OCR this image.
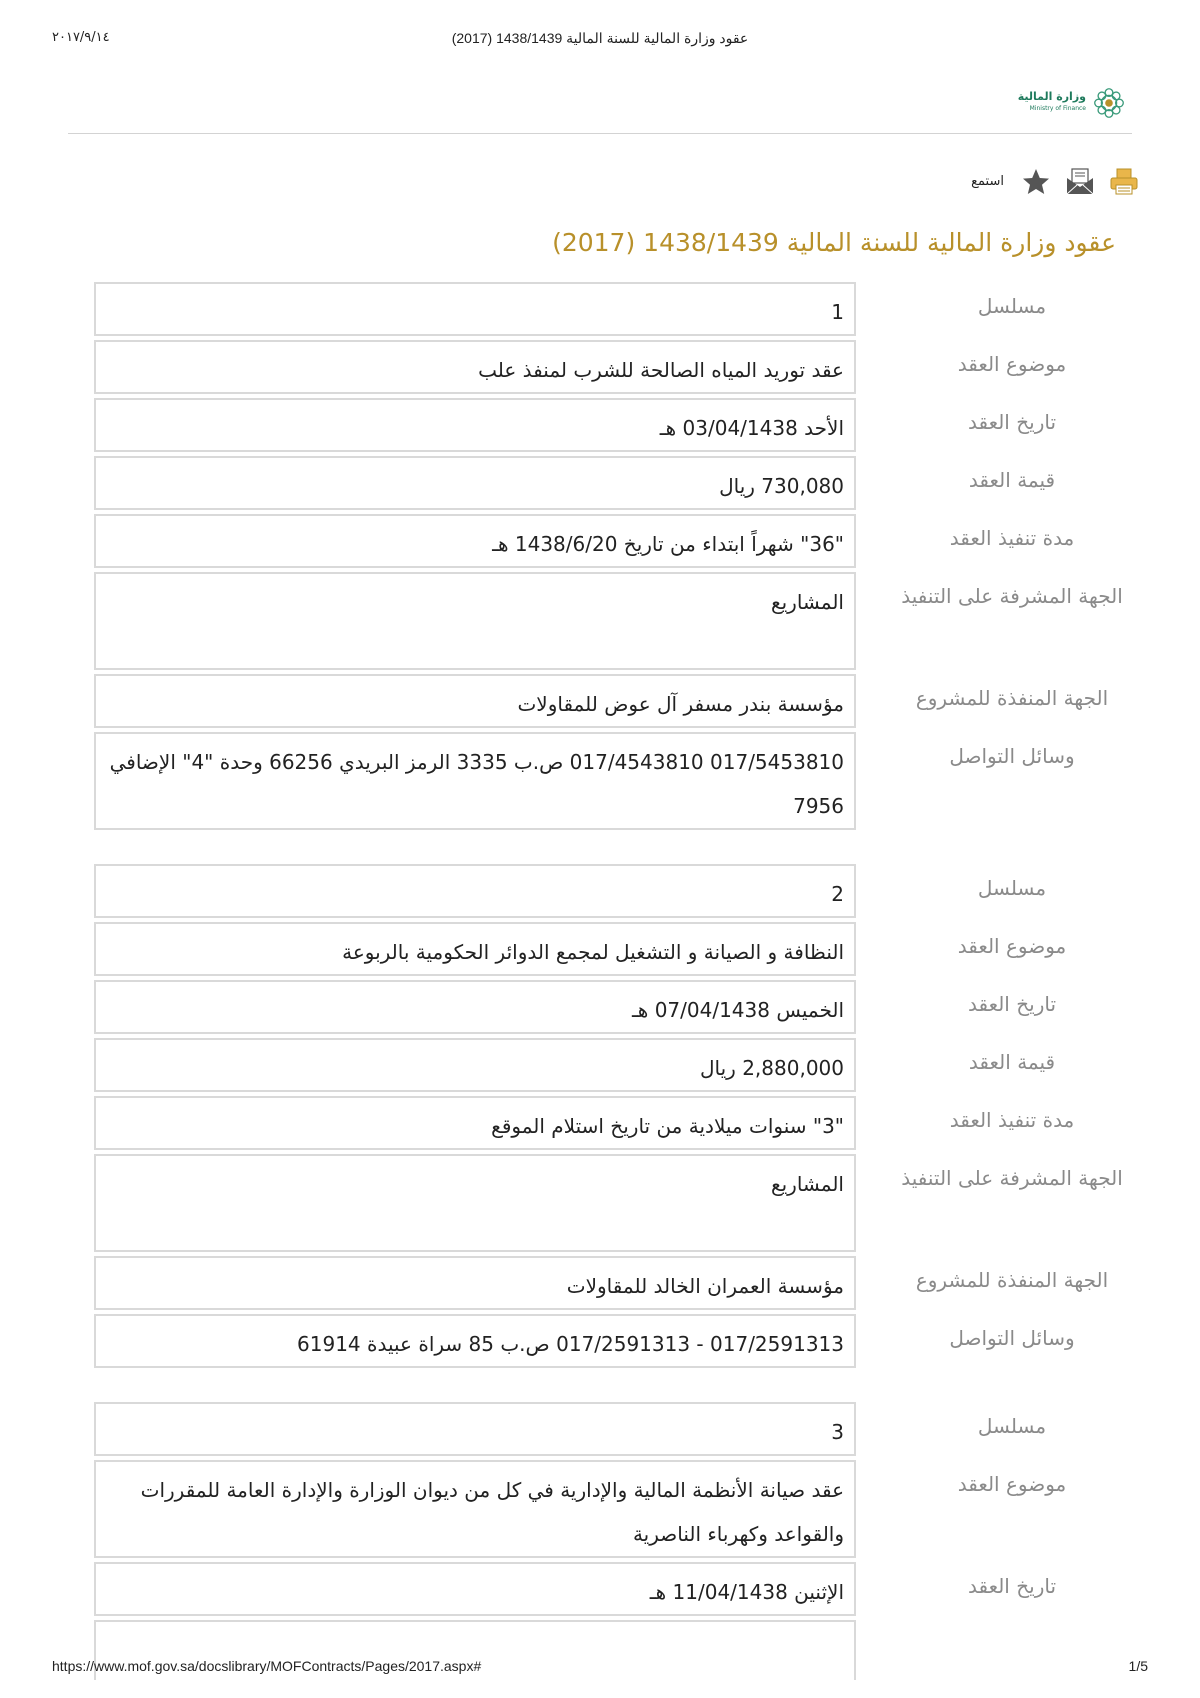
٢٠١٧/٩/١٤	(عقود وزارة المالية للسنة المالية 1438/1439 (2017
وزارة المالية
Ministry of Finance
استمع
عقود وزارة المالية للسنة المالية 1438/1439 (2017)
مسلسل
1
موضوع العقد
عقد توريد المياه الصالحة للشرب لمنفذ علب
تاريخ العقد
الأحد 03/04/1438 هـ
قيمة العقد
730,080 ريال
مدة تنفيذ العقد
"36" شهراً ابتداء من تاريخ 1438/6/20 هـ
الجهة المشرفة على التنفيذ
المشاريع
الجهة المنفذة للمشروع
مؤسسة بندر مسفر آل عوض للمقاولات
وسائل التواصل
017/5453810 017/4543810 ص.ب 3335 الرمز البريدي 66256 وحدة "4" الإضافي 7956
مسلسل
2
موضوع العقد
النظافة و الصيانة و التشغيل لمجمع الدوائر الحكومية بالربوعة
تاريخ العقد
الخميس 07/04/1438 هـ
قيمة العقد
2,880,000 ريال
مدة تنفيذ العقد
"3" سنوات ميلادية من تاريخ استلام الموقع
الجهة المشرفة على التنفيذ
المشاريع
الجهة المنفذة للمشروع
مؤسسة العمران الخالد للمقاولات
وسائل التواصل
017/2591313 - 017/2591313 ص.ب 85 سراة عبيدة 61914
مسلسل
3
موضوع العقد
عقد صيانة الأنظمة المالية والإدارية في كل من ديوان الوزارة والإدارة العامة للمقررات والقواعد وكهرباء الناصرية
تاريخ العقد
الإثنين 11/04/1438 هـ
https://www.mof.gov.sa/docslibrary/MOFContracts/Pages/2017.aspx#	1/5
